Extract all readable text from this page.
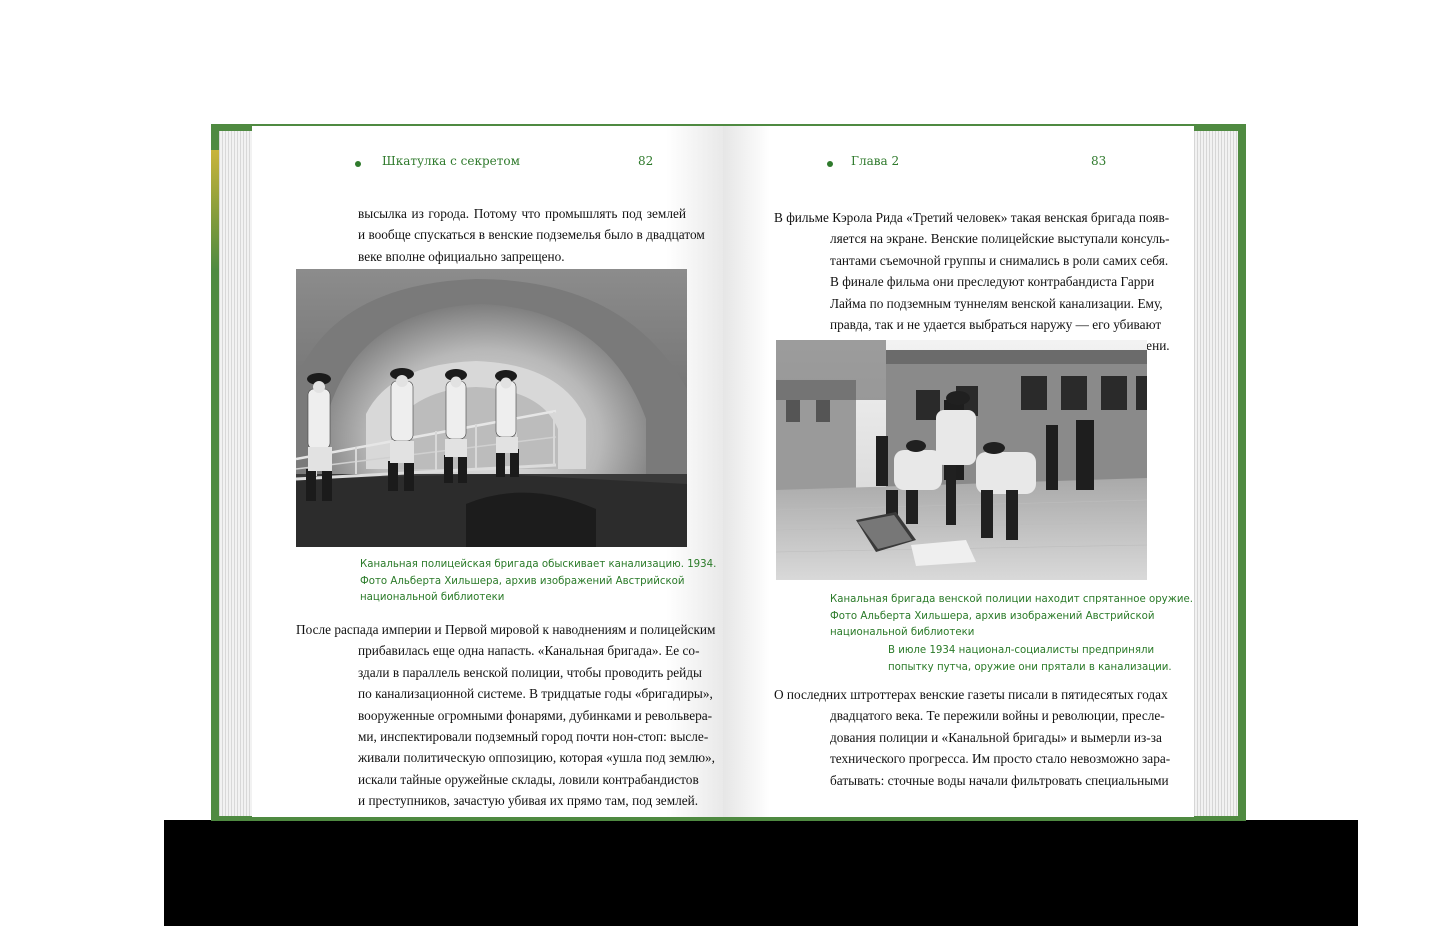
Шкатулка с секретом	82
высылка из города. Потому что промышлять под землей
и вообще спускаться в венские подземелья было в двадцатом
веке вполне официально запрещено.
Канальная полицейская бригада обыскивает канализацию. 1934.
Фото Альберта Хильшера, архив изображений Австрийской
национальной библиотеки
После распада империи и Первой мировой к наводнениям и полицейским
прибавилась еще одна напасть. «Канальная бригада». Ее со-
здали в параллель венской полиции, чтобы проводить рейды
по канализационной системе. В тридцатые годы «бригадиры»,
вооруженные огромными фонарями, дубинками и револьвера-
ми, инспектировали подземный город почти нон-стоп: высле-
живали политическую оппозицию, которая «ушла под землю»,
искали тайные оружейные склады, ловили контрабандистов
и преступников, зачастую убивая их прямо там, под землей.
Глава 2	83
В фильме Кэрола Рида «Третий человек» такая венская бригада появ-
ляется на экране. Венские полицейские выступали консуль-
тантами съемочной группы и снимались в роли самих себя.
В финале фильма они преследуют контрабандиста Гарри
Лайма по подземным туннелям венской канализации. Ему,
правда, так и не удается выбраться наружу — его убивают
Канальная бригада венской полиции находит спрятанное оружие.
Фото Альберта Хильшера, архив изображений Австрийской
национальной библиотеки
В июле 1934 национал-социалисты предприняли
попытку путча, оружие они прятали в канализации.
О последних штроттерах венские газеты писали в пятидесятых годах
двадцатого века. Те пережили войны и революции, пресле-
дования полиции и «Канальной бригады» и вымерли из-за
технического прогресса. Им просто стало невозможно зара-
батывать: сточные воды начали фильтровать специальными
